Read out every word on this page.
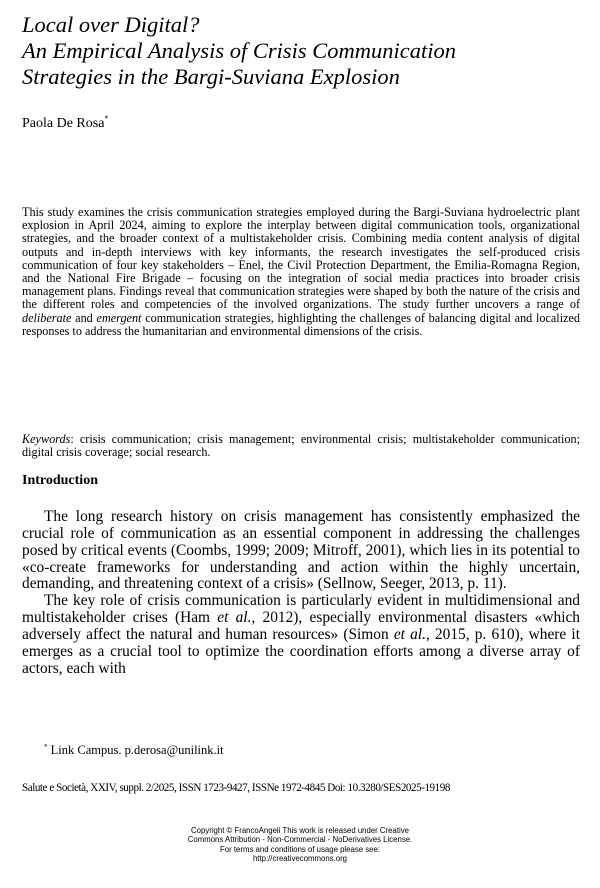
Local over Digital?
An Empirical Analysis of Crisis Communication
Strategies in the Bargi-Suviana Explosion
Paola De Rosa*

This study examines the crisis communication strategies employed during the Bargi-Suviana hydroelectric plant explosion in April 2024, aiming to explore the interplay between digital communication tools, organizational strategies, and the broader context of a multistakeholder crisis. Combining media content analysis of digital outputs and in-depth interviews with key informants, the research investigates the self-produced crisis communication of four key stakeholders – Enel, the Civil Protection Department, the Emilia-Romagna Region, and the National Fire Brigade – focusing on the integration of social media practices into broader crisis management plans. Findings reveal that communication strategies were shaped by both the nature of the crisis and the different roles and competencies of the involved organizations. The study further uncovers a range of deliberate and emergent communication strategies, highlighting the challenges of balancing digital and localized responses to address the humanitarian and environmental dimensions of the crisis.

Keywords: crisis communication; crisis management; environmental crisis; multistakeholder communication; digital crisis coverage; social research.

Introduction

The long research history on crisis management has consistently emphasized the crucial role of communication as an essential component in addressing the challenges posed by critical events (Coombs, 1999; 2009; Mitroff, 2001), which lies in its potential to «co-create frameworks for understanding and action within the highly uncertain, demanding, and threatening context of a crisis» (Sellnow, Seeger, 2013, p. 11).

The key role of crisis communication is particularly evident in multidimensional and multistakeholder crises (Ham et al., 2012), especially environmental disasters «which adversely affect the natural and human resources» (Simon et al., 2015, p. 610), where it emerges as a crucial tool to optimize the coordination efforts among a diverse array of actors, each with

* Link Campus. p.derosa@unilink.it
Salute e Società, XXIV, suppl. 2/2025, ISSN 1723-9427, ISSNe 1972-4845 Doi: 10.3280/SES2025-19198
Copyright © FrancoAngeli This work is released under Creative
Commons Attribution - Non-Commercial - NoDerivatives License.
For terms and conditions of usage please see:
http://creativecommons.org
